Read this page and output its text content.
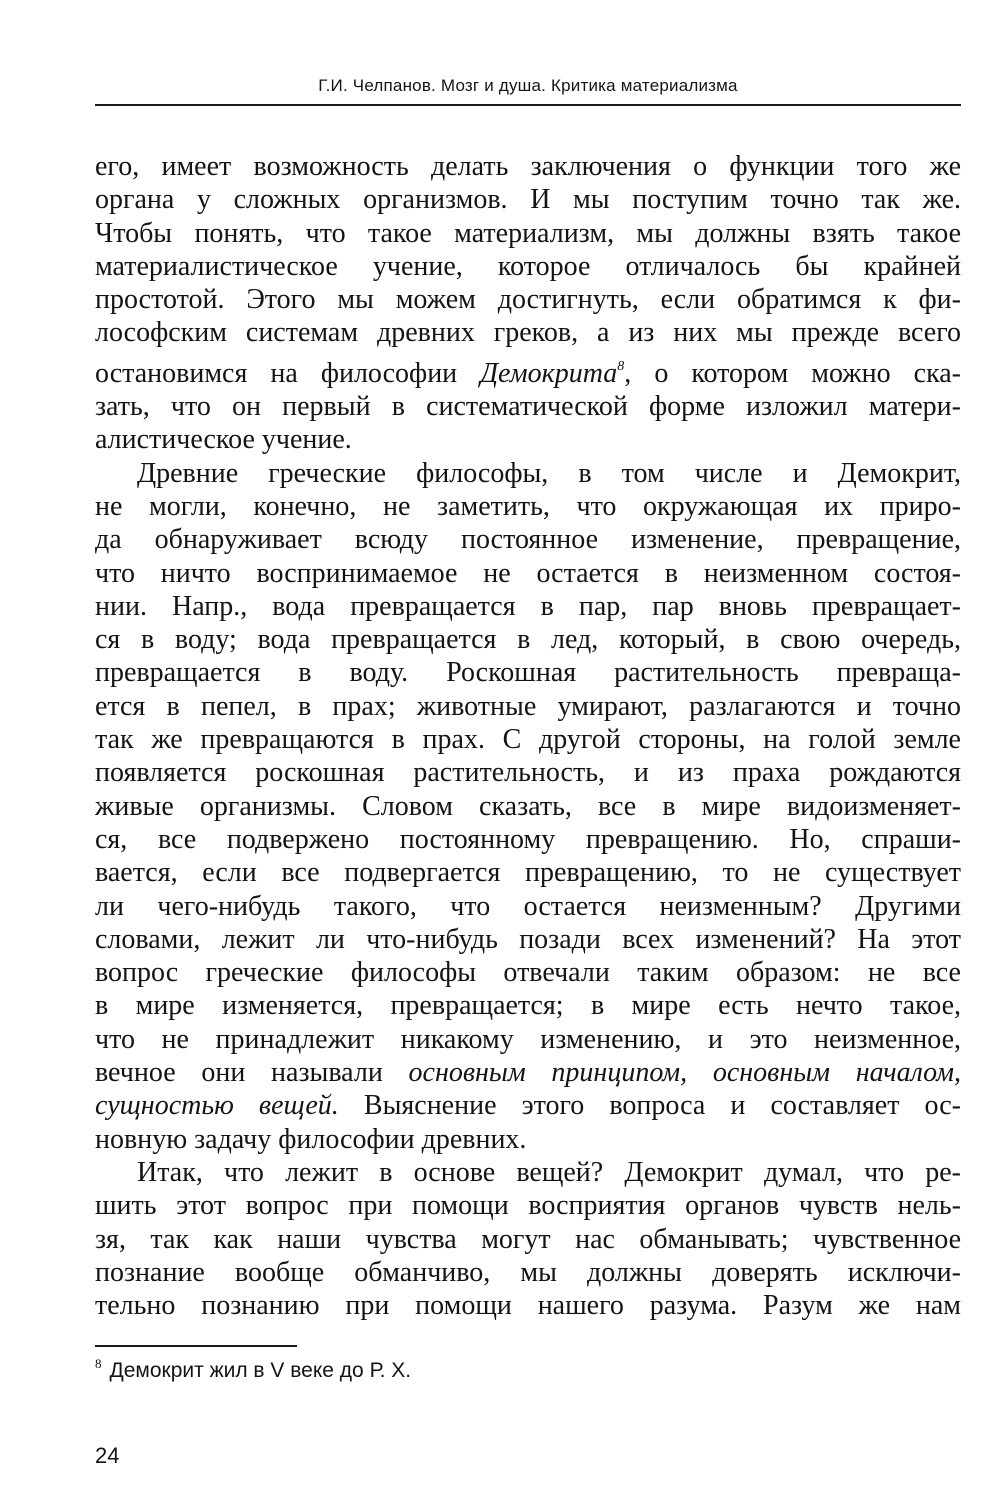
Г.И. Челпанов. Мозг и душа. Критика материализма

его, имеет возможность делать заключения о функции того же

органа у сложных организмов. И мы поступим точно так же.

Чтобы понять, что такое материализм, мы должны взять такое

материалистическое учение, которое отличалось бы крайней

простотой. Этого мы можем достигнуть, если обратимся к фи-

лософским системам древних греков, а из них мы прежде всего

остановимся на философии Демокрита$^8$, о котором можно ска-

зать, что он первый в систематической форме изложил матери-

алистическое учение.

Древние греческие философы, в том числе и Демокрит,

не могли, конечно, не заметить, что окружающая их приро-

да обнаруживает всюду постоянное изменение, превращение,

что ничто воспринимаемое не остается в неизменном состоя-

нии. Напр., вода превращается в пар, пар вновь превращает-

ся в воду; вода превращается в лед, который, в свою очередь,

превращается в воду. Роскошная растительность превраща-

ется в пепел, в прах; животные умирают, разлагаются и точно

так же превращаются в прах. С другой стороны, на голой земле

появляется роскошная растительность, и из праха рождаются

живые организмы. Словом сказать, все в мире видоизменяет-

ся, все подвержено постоянному превращению. Но, спраши-

вается, если все подвергается превращению, то не существует

ли чего-нибудь такого, что остается неизменным? Другими

словами, лежит ли что-нибудь позади всех изменений? На этот

вопрос греческие философы отвечали таким образом: не все

в мире изменяется, превращается; в мире есть нечто такое,

что не принадлежит никакому изменению, и это неизменное,

вечное они называли основным принципом, основным началом,

сущностью вещей. Выяснение этого вопроса и составляет ос-

новную задачу философии древних.

Итак, что лежит в основе вещей? Демокрит думал, что ре-

шить этот вопрос при помощи восприятия органов чувств нель-

зя, так как наши чувства могут нас обманывать; чувственное

познание вообще обманчиво, мы должны доверять исключи-

тельно познанию при помощи нашего разума. Разум же нам

$^8$ Демокрит жил в V веке до Р. Х.
24
